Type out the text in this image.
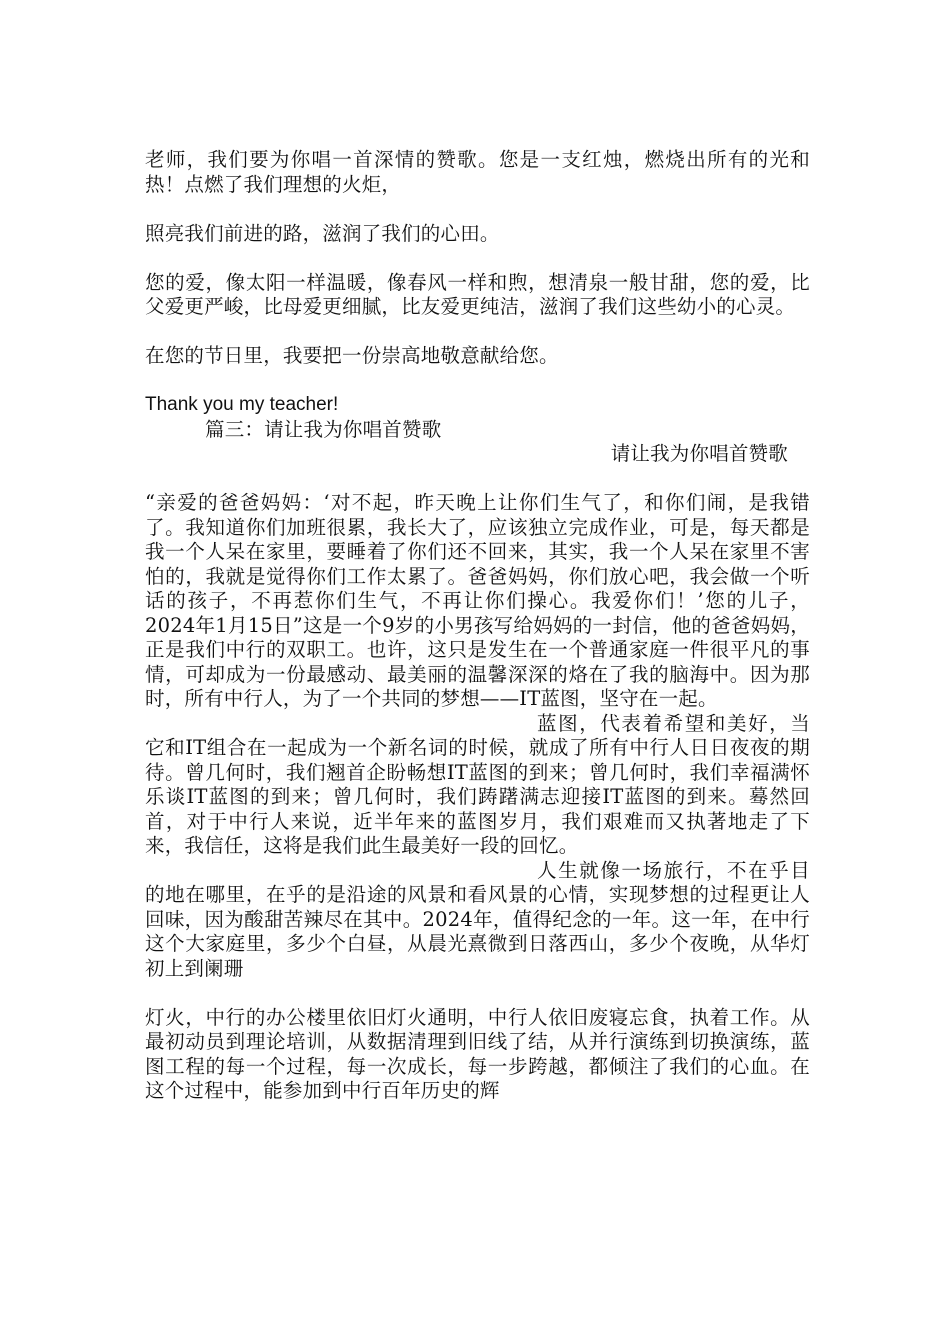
老师，我们要为你唱一首深情的赞歌。您是一支红烛，燃烧出所有的光和热！点燃了我们理想的火炬，

照亮我们前进的路，滋润了我们的心田。

您的爱，像太阳一样温暖，像春风一样和煦，想清泉一般甘甜，您的爱，比父爱更严峻，比母爱更细腻，比友爱更纯洁，滋润了我们这些幼小的心灵。

在您的节日里，我要把一份崇高地敬意献给您。

Thank you my teacher!

篇三：请让我为你唱首赞歌

请让我为你唱首赞歌

“亲爱的爸爸妈妈：‘对不起，昨天晚上让你们生气了，和你们闹，是我错了。我知道你们加班很累，我长大了，应该独立完成作业，可是，每天都是我一个人呆在家里，要睡着了你们还不回来，其实，我一个人呆在家里不害怕的，我就是觉得你们工作太累了。爸爸妈妈，你们放心吧，我会做一个听话的孩子，不再惹你们生气，不再让你们操心。我爱你们！’您的儿子，2024年1月15日”这是一个9岁的小男孩写给妈妈的一封信，他的爸爸妈妈，正是我们中行的双职工。也许，这只是发生在一个普通家庭一件很平凡的事情，可却成为一份最感动、最美丽的温馨深深的烙在了我的脑海中。因为那时，所有中行人，为了一个共同的梦想——IT蓝图，坚守在一起。

蓝图，代表着希望和美好，当它和IT组合在一起成为一个新名词的时候，就成了所有中行人日日夜夜的期待。曾几何时，我们翘首企盼畅想IT蓝图的到来；曾几何时，我们幸福满怀乐谈IT蓝图的到来；曾几何时，我们踌躇满志迎接IT蓝图的到来。蓦然回首，对于中行人来说，近半年来的蓝图岁月，我们艰难而又执著地走了下来，我信任，这将是我们此生最美好一段的回忆。

人生就像一场旅行，不在乎目的地在哪里，在乎的是沿途的风景和看风景的心情，实现梦想的过程更让人回味，因为酸甜苦辣尽在其中。2024年，值得纪念的一年。这一年，在中行这个大家庭里，多少个白昼，从晨光熹微到日落西山，多少个夜晚，从华灯初上到阑珊

灯火，中行的办公楼里依旧灯火通明，中行人依旧废寝忘食，执着工作。从最初动员到理论培训，从数据清理到旧线了结，从并行演练到切换演练，蓝图工程的每一个过程，每一次成长，每一步跨越，都倾注了我们的心血。在这个过程中，能参加到中行百年历史的辉
